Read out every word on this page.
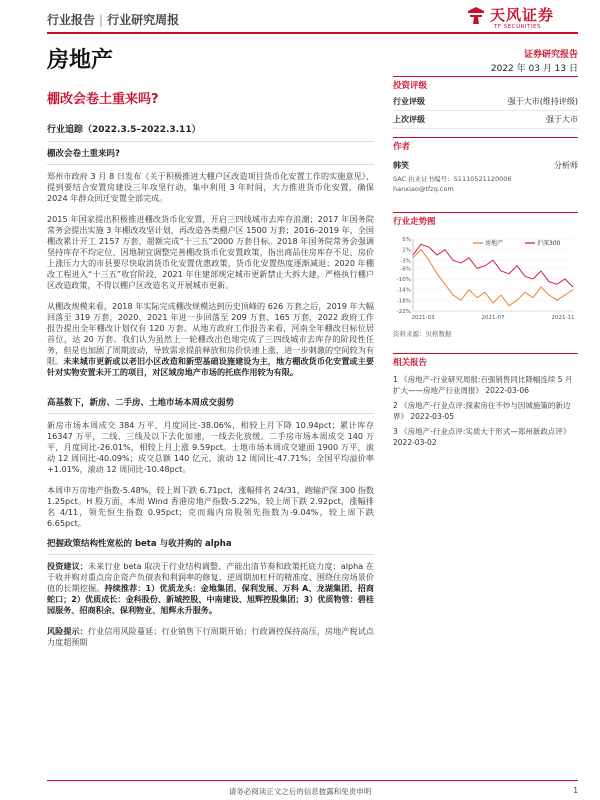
行业报告 | 行业研究周报	天风证券
TF SECURITIES
房地产	证券研究报告
2022 年 03 月 13 日
棚改会卷土重来吗?
行业追踪（2022.3.5–2022.3.11）
棚改会卷土重来吗?

郑州市政府 3 月 8 日发布《关于积极推进大棚户区改造项目货币化安置工作的实施意见》，提到要结合安置房建设三年攻坚行动，集中利用 3 年时间，大力推进货币化安置，确保 2024 年群众回迁安置全部完成。

2015 年国家提出积极推进棚改货币化安置，开启三四线城市去库存浪潮；2017 年国务院常务会提出实施 3 年棚改攻坚计划，再改造各类棚户区 1500 万套；2016–2019 年，全国棚改累计开工 2157 万套，超额完成“十三五”2000 万套目标。2018 年国务院常务会强调坚持库存不均定位、因地制宜调整完善棚改货币化安置政策，指出商品住房库存不足、房价上涨压力大的市县要尽快取消货币化安置优惠政策，货币化安置热度逐渐减退；2020 年棚改工程进入“十三五”收官阶段，2021 年住建部规定城市更新禁止大拆大建，严格执行棚户区改造政策，不得以棚户区改造名义开展城市更新。

从棚改规模来看，2018 年实际完成棚改规模达到历史顶峰的 626 万套之后，2019 年大幅回落至 319 万套，2020、2021 年进一步回落至 209 万套、165 万套，2022 政府工作报告提出全年棚改计划仅有 120 万套。从地方政府工作报告来看，河南全年棚改目标位居首位，达 20 万套。我们认为虽然上一轮棚改出色地完成了三四线城市去库存的阶段性任务，但是也加剧了周期波动，导致需求提前释放和房价快速上涨，进一步刺激的空间较为有限。未来城市更新或以老旧小区改造和新型基础设施建设为主，地方棚改货币化安置或主要针对实物安置未开工的项目，对区域房地产市场的托底作用较为有限。

高基数下，新房、二手房、土地市场本周成交弱势

新房市场本周成交 384 万平，月度同比-38.06%，相较上月下降 10.94pct；累计库存 16347 万平，二线、三线及以下去化加速，一线去化放缓。二手房市场本周成交 140 万平，月度同比-26.01%，相较上月上涨 9.59pct。土地市场本周成交建面 1900 万平，滚动 12 周同比-40.09%；成交总额 140 亿元，滚动 12 周同比-47.71%；全国平均溢价率+1.01%，滚动 12 周同比-10.48pct。

本周申万房地产指数-5.48%，较上周下跌 6.71pct，涨幅排名 24/31，跑输沪深 300 指数 1.25pct。H 股方面，本周 Wind 香港房地产指数-5.22%，较上周下跌 2.92pct，涨幅排名 4/11，领先恒生指数 0.95pct；克而瑞内房股领先指数为-9.04%，较上周下跌 6.65pct。

把握政策结构性宽松的 beta 与收并购的 alpha

投资建议：未来行业 beta 取决于行业结构调整、产能出清节奏和政策托底力度；alpha 在于收并购对重点房企资产负债表和利润率的修复、逆周期加杠杆的精准度、围绕住房场景价值的长期挖掘。持续推荐：1）优质龙头：金地集团、保利发展、万科 A、龙湖集团、招商蛇口；2）优质成长：金科股份、新城控股、中南建设、旭辉控股集团；3）优质物管：碧桂园服务、招商积余、保利物业、旭辉永升服务。

风险提示：行业信用风险蔓延；行业销售下行周期开始；行政调控保持高压，房地产税试点力度超预期

投资评级
行业评级	强于大市(维持评级)
上次评级	强于大市
作者
韩笑	分析师
SAC 执业证书编号：S1110521120006
hanxiao@tfzq.com
行业走势图
5%
1%
-3%
-6%
-10%
-14%
-18%
-22%
2021-03	2021-07	2021-11
房地产	沪深300
资料来源：贝格数据
相关报告
1 《房地产-行业研究周报:百强销售同比降幅连续 5 月扩大——房地产行业周报》 2022-03-06
2 《房地产-行业点评:探索房住不炒与因城施策的新边界》 2022-03-05
3 《房地产-行业点评:实质大于形式—郑州新政点评》 2022-03-02
请务必阅读正文之后的信息披露和免责申明	1
